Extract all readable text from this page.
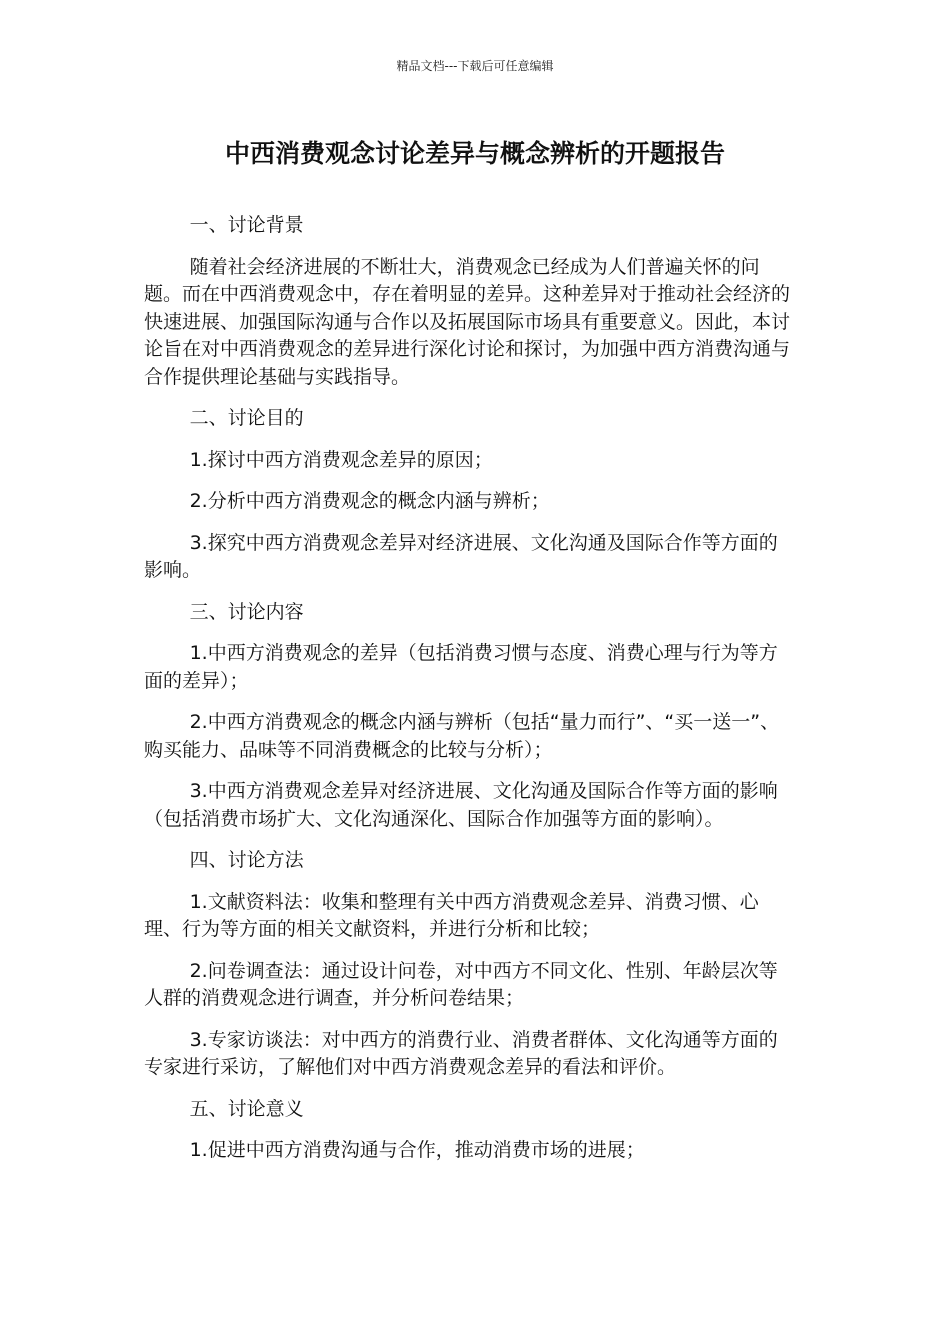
精品文档---下载后可任意编辑
中西消费观念讨论差异与概念辨析的开题报告

一、讨论背景

随着社会经济进展的不断壮大，消费观念已经成为人们普遍关怀的问题。而在中西消费观念中，存在着明显的差异。这种差异对于推动社会经济的快速进展、加强国际沟通与合作以及拓展国际市场具有重要意义。因此，本讨论旨在对中西消费观念的差异进行深化讨论和探讨，为加强中西方消费沟通与合作提供理论基础与实践指导。

二、讨论目的

1.探讨中西方消费观念差异的原因；

2.分析中西方消费观念的概念内涵与辨析；

3.探究中西方消费观念差异对经济进展、文化沟通及国际合作等方面的影响。

三、讨论内容

1.中西方消费观念的差异（包括消费习惯与态度、消费心理与行为等方面的差异）；

2.中西方消费观念的概念内涵与辨析（包括“量力而行”、“买一送一”、购买能力、品味等不同消费概念的比较与分析）；

3.中西方消费观念差异对经济进展、文化沟通及国际合作等方面的影响（包括消费市场扩大、文化沟通深化、国际合作加强等方面的影响）。

四、讨论方法

1.文献资料法：收集和整理有关中西方消费观念差异、消费习惯、心理、行为等方面的相关文献资料，并进行分析和比较；

2.问卷调查法：通过设计问卷，对中西方不同文化、性别、年龄层次等人群的消费观念进行调查，并分析问卷结果；

3.专家访谈法：对中西方的消费行业、消费者群体、文化沟通等方面的专家进行采访，了解他们对中西方消费观念差异的看法和评价。

五、讨论意义

1.促进中西方消费沟通与合作，推动消费市场的进展；
